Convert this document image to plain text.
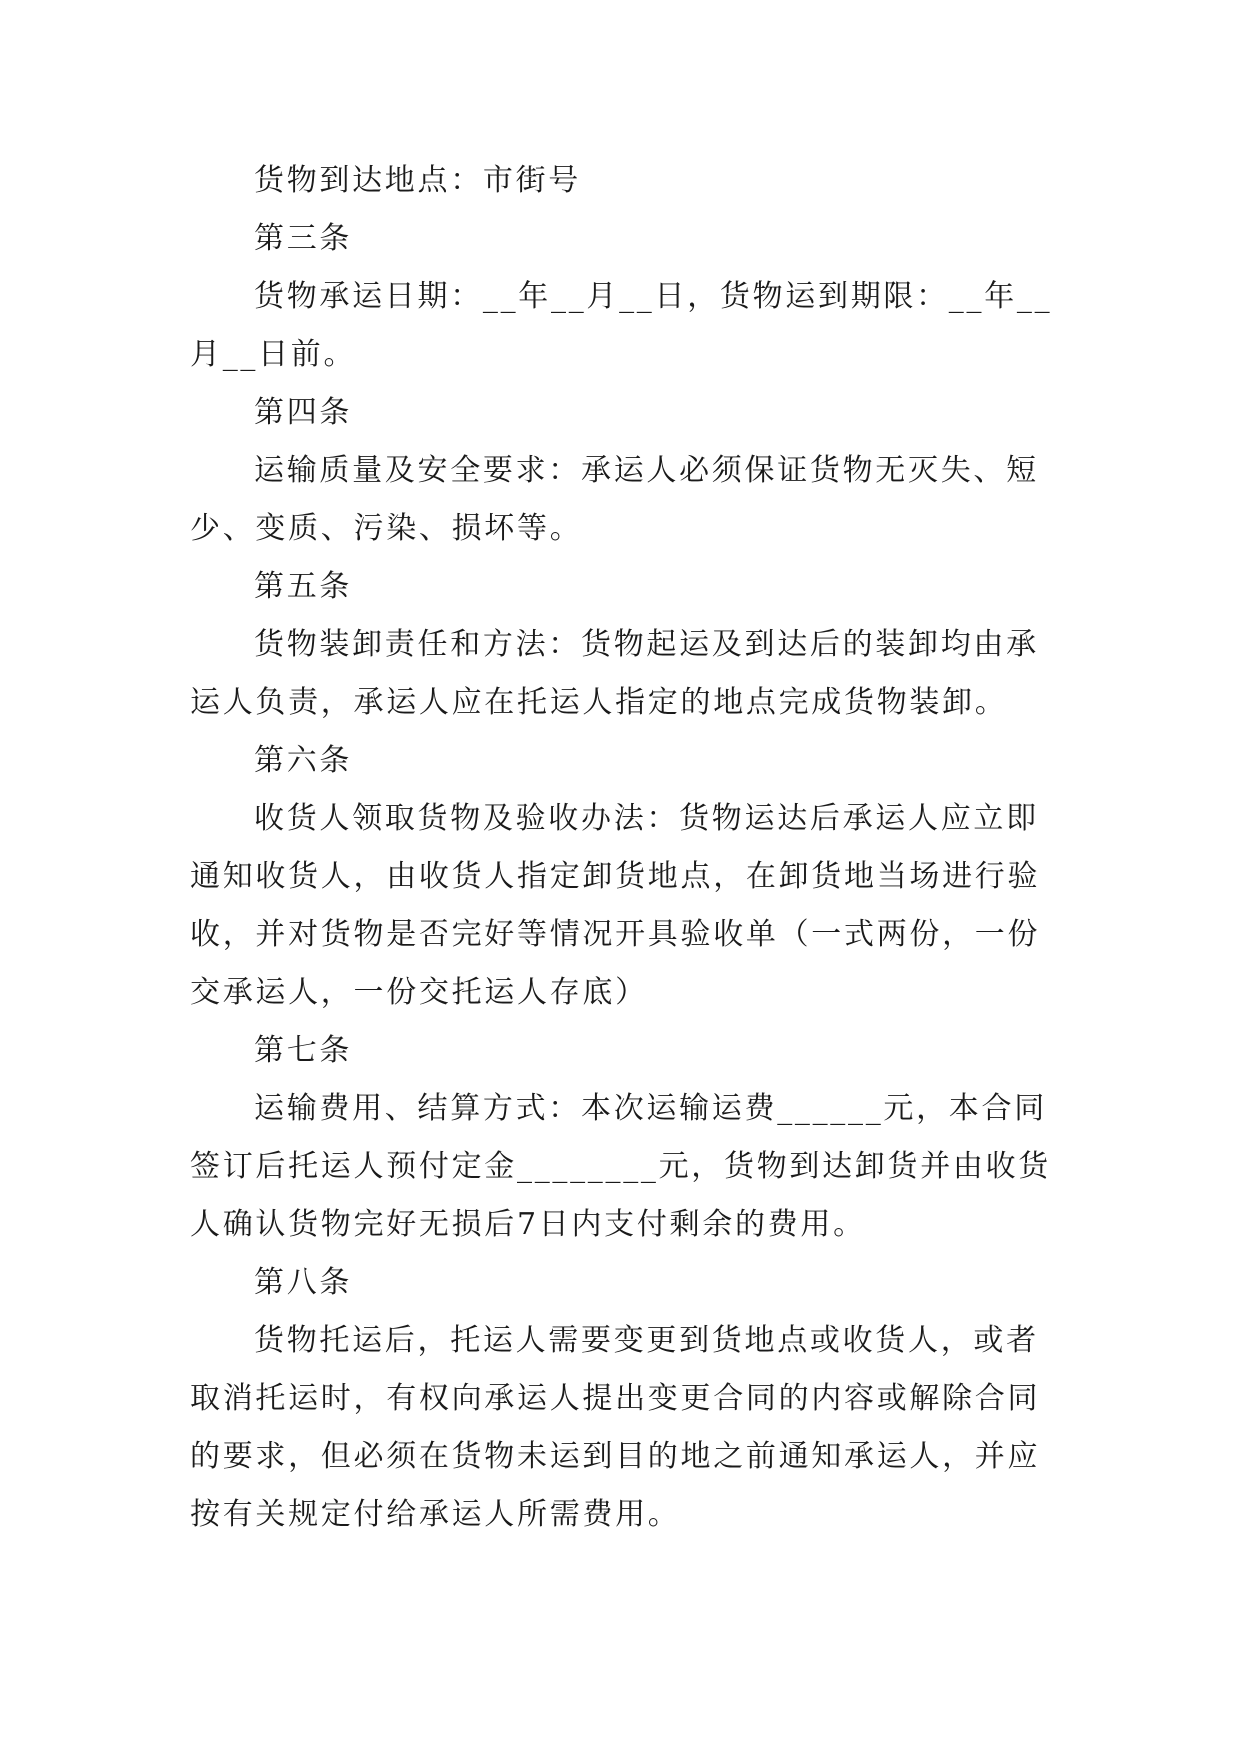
货物到达地点：市街号

第三条

货物承运日期：__年__月__日，货物运到期限：__年__月__日前。

第四条

运输质量及安全要求：承运人必须保证货物无灭失、短少、变质、污染、损坏等。

第五条

货物装卸责任和方法：货物起运及到达后的装卸均由承运人负责，承运人应在托运人指定的地点完成货物装卸。

第六条

收货人领取货物及验收办法：货物运达后承运人应立即通知收货人，由收货人指定卸货地点，在卸货地当场进行验收，并对货物是否完好等情况开具验收单（一式两份，一份交承运人，一份交托运人存底）

第七条

运输费用、结算方式：本次运输运费______元，本合同签订后托运人预付定金________元，货物到达卸货并由收货人确认货物完好无损后7日内支付剩余的费用。

第八条

货物托运后，托运人需要变更到货地点或收货人，或者取消托运时，有权向承运人提出变更合同的内容或解除合同的要求，但必须在货物未运到目的地之前通知承运人，并应按有关规定付给承运人所需费用。
